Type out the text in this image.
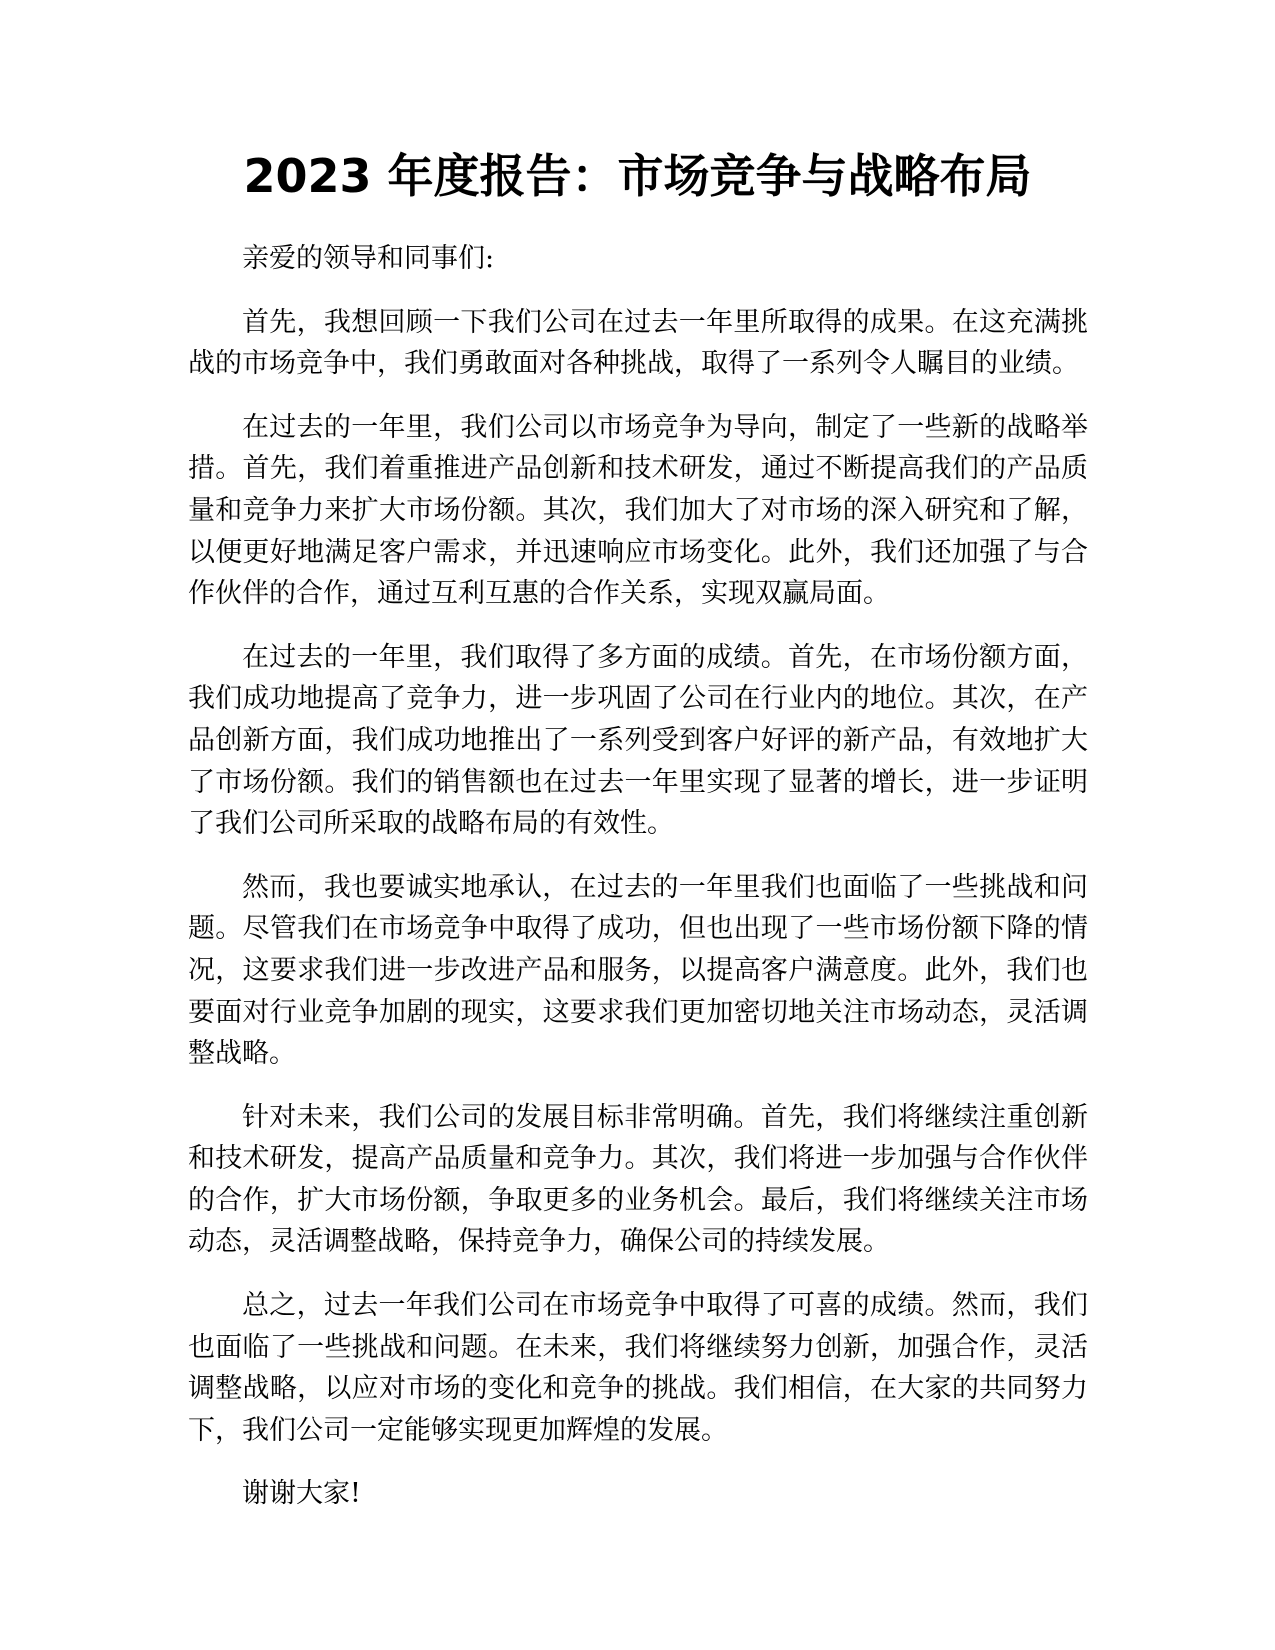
2023 年度报告：市场竞争与战略布局

亲爱的领导和同事们:

首先，我想回顾一下我们公司在过去一年里所取得的成果。在这充满挑战的市场竞争中，我们勇敢面对各种挑战，取得了一系列令人瞩目的业绩。

在过去的一年里，我们公司以市场竞争为导向，制定了一些新的战略举措。首先，我们着重推进产品创新和技术研发，通过不断提高我们的产品质量和竞争力来扩大市场份额。其次，我们加大了对市场的深入研究和了解，以便更好地满足客户需求，并迅速响应市场变化。此外，我们还加强了与合作伙伴的合作，通过互利互惠的合作关系，实现双赢局面。

在过去的一年里，我们取得了多方面的成绩。首先，在市场份额方面，我们成功地提高了竞争力，进一步巩固了公司在行业内的地位。其次，在产品创新方面，我们成功地推出了一系列受到客户好评的新产品，有效地扩大了市场份额。我们的销售额也在过去一年里实现了显著的增长，进一步证明了我们公司所采取的战略布局的有效性。

然而，我也要诚实地承认，在过去的一年里我们也面临了一些挑战和问题。尽管我们在市场竞争中取得了成功，但也出现了一些市场份额下降的情况，这要求我们进一步改进产品和服务，以提高客户满意度。此外，我们也要面对行业竞争加剧的现实，这要求我们更加密切地关注市场动态，灵活调整战略。

针对未来，我们公司的发展目标非常明确。首先，我们将继续注重创新和技术研发，提高产品质量和竞争力。其次，我们将进一步加强与合作伙伴的合作，扩大市场份额，争取更多的业务机会。最后，我们将继续关注市场动态，灵活调整战略，保持竞争力，确保公司的持续发展。

总之，过去一年我们公司在市场竞争中取得了可喜的成绩。然而，我们也面临了一些挑战和问题。在未来，我们将继续努力创新，加强合作，灵活调整战略，以应对市场的变化和竞争的挑战。我们相信，在大家的共同努力下，我们公司一定能够实现更加辉煌的发展。

谢谢大家!
